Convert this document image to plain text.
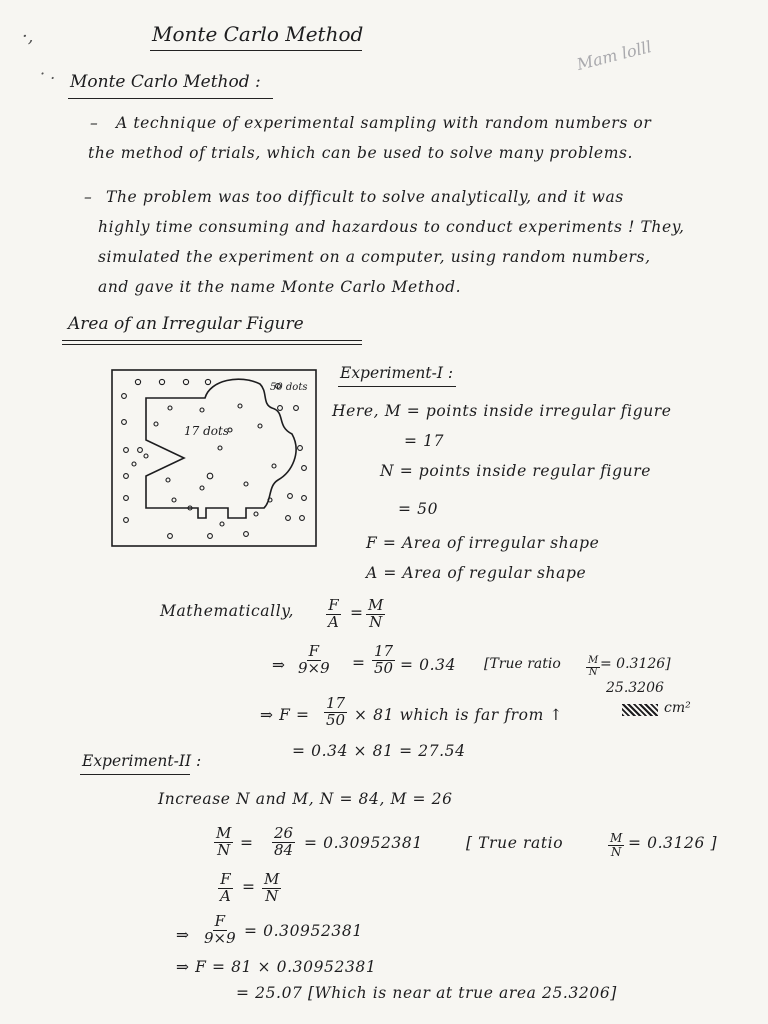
Monte Carlo Method
Mam lolll
·,
· . Monte Carlo Method :
– A technique of experimental sampling with random numbers or
the method of trials, which can be used to solve many problems.
– The problem was too difficult to solve analytically, and it was
highly time consuming and hazardous to conduct experiments ! They,
simulated the experiment on a computer, using random numbers,
and gave it the name Monte Carlo Method.
Area of an Irregular Figure
17 dots
50 dots
Experiment-I :
Here, M = points inside irregular figure
= 17
N = points inside regular figure
= 50
F = Area of irregular shape
A = Area of regular shape
Mathematically, $\frac{F}{A} = \frac{M}{N}$
⇒ $\frac{F}{9\times 9} = \frac{17}{50} = 0.34$ [True ratio	$\frac{M}{N} = 0.3126$]
25.3206
⇒ $F = \frac{17}{50} \times 81$ which is far from ↑	cm²
= 0.34 × 81 = 27.54
Experiment-II :
Increase N and M, N = 84, M = 26
$\frac{M}{N} = \frac{26}{84} = 0.30952381$	[ True ratio	$\frac{M}{N} = 0.3126$ ]
$\frac{F}{A} = \frac{M}{N}$
⇒ $\frac{F}{9\times 9} = 0.30952381$
⇒ F = 81 × 0.30952381
= 25.07 [Which is near at true area 25.3206]
